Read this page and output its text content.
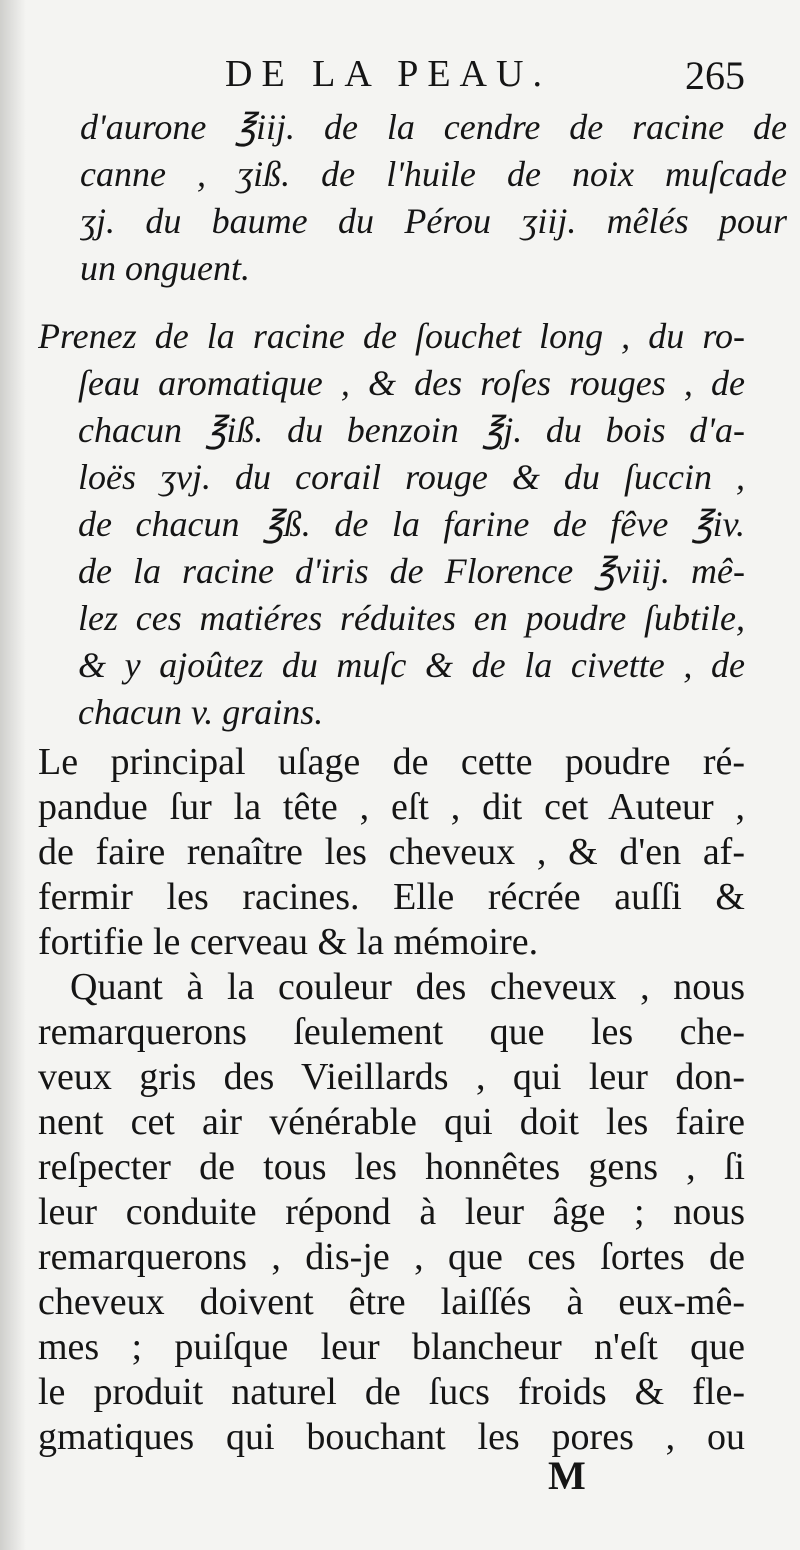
DE LA PEAU.	265
d'aurone ℥iij. de la cendre de racine de
canne , ʒiß. de l'huile de noix muſcade
ʒj. du baume du Pérou ʒiij. mêlés pour
un onguent.
Prenez de la racine de ſouchet long , du ro-
ſeau aromatique , & des roſes rouges , de
chacun ℥iß. du benzoin ℥j. du bois d'a-
loës ʒvj. du corail rouge & du ſuccin ,
de chacun ℥ß. de la farine de fêve ℥iv.
de la racine d'iris de Florence ℥viij. mê-
lez ces matiéres réduites en poudre ſubtile,
& y ajoûtez du muſc & de la civette , de
chacun v. grains.
Le principal uſage de cette poudre ré-
pandue ſur la tête , eſt , dit cet Auteur ,
de faire renaître les cheveux , & d'en af-
fermir les racines. Elle récrée auſſi &
fortifie le cerveau & la mémoire.
Quant à la couleur des cheveux , nous
remarquerons ſeulement que les che-
veux gris des Vieillards , qui leur don-
nent cet air vénérable qui doit les faire
reſpecter de tous les honnêtes gens , ſi
leur conduite répond à leur âge ; nous
remarquerons , dis-je , que ces ſortes de
cheveux doivent être laiſſés à eux-mê-
mes ; puiſque leur blancheur n'eſt que
le produit naturel de ſucs froids & fle-
gmatiques qui bouchant les pores , ou
M
